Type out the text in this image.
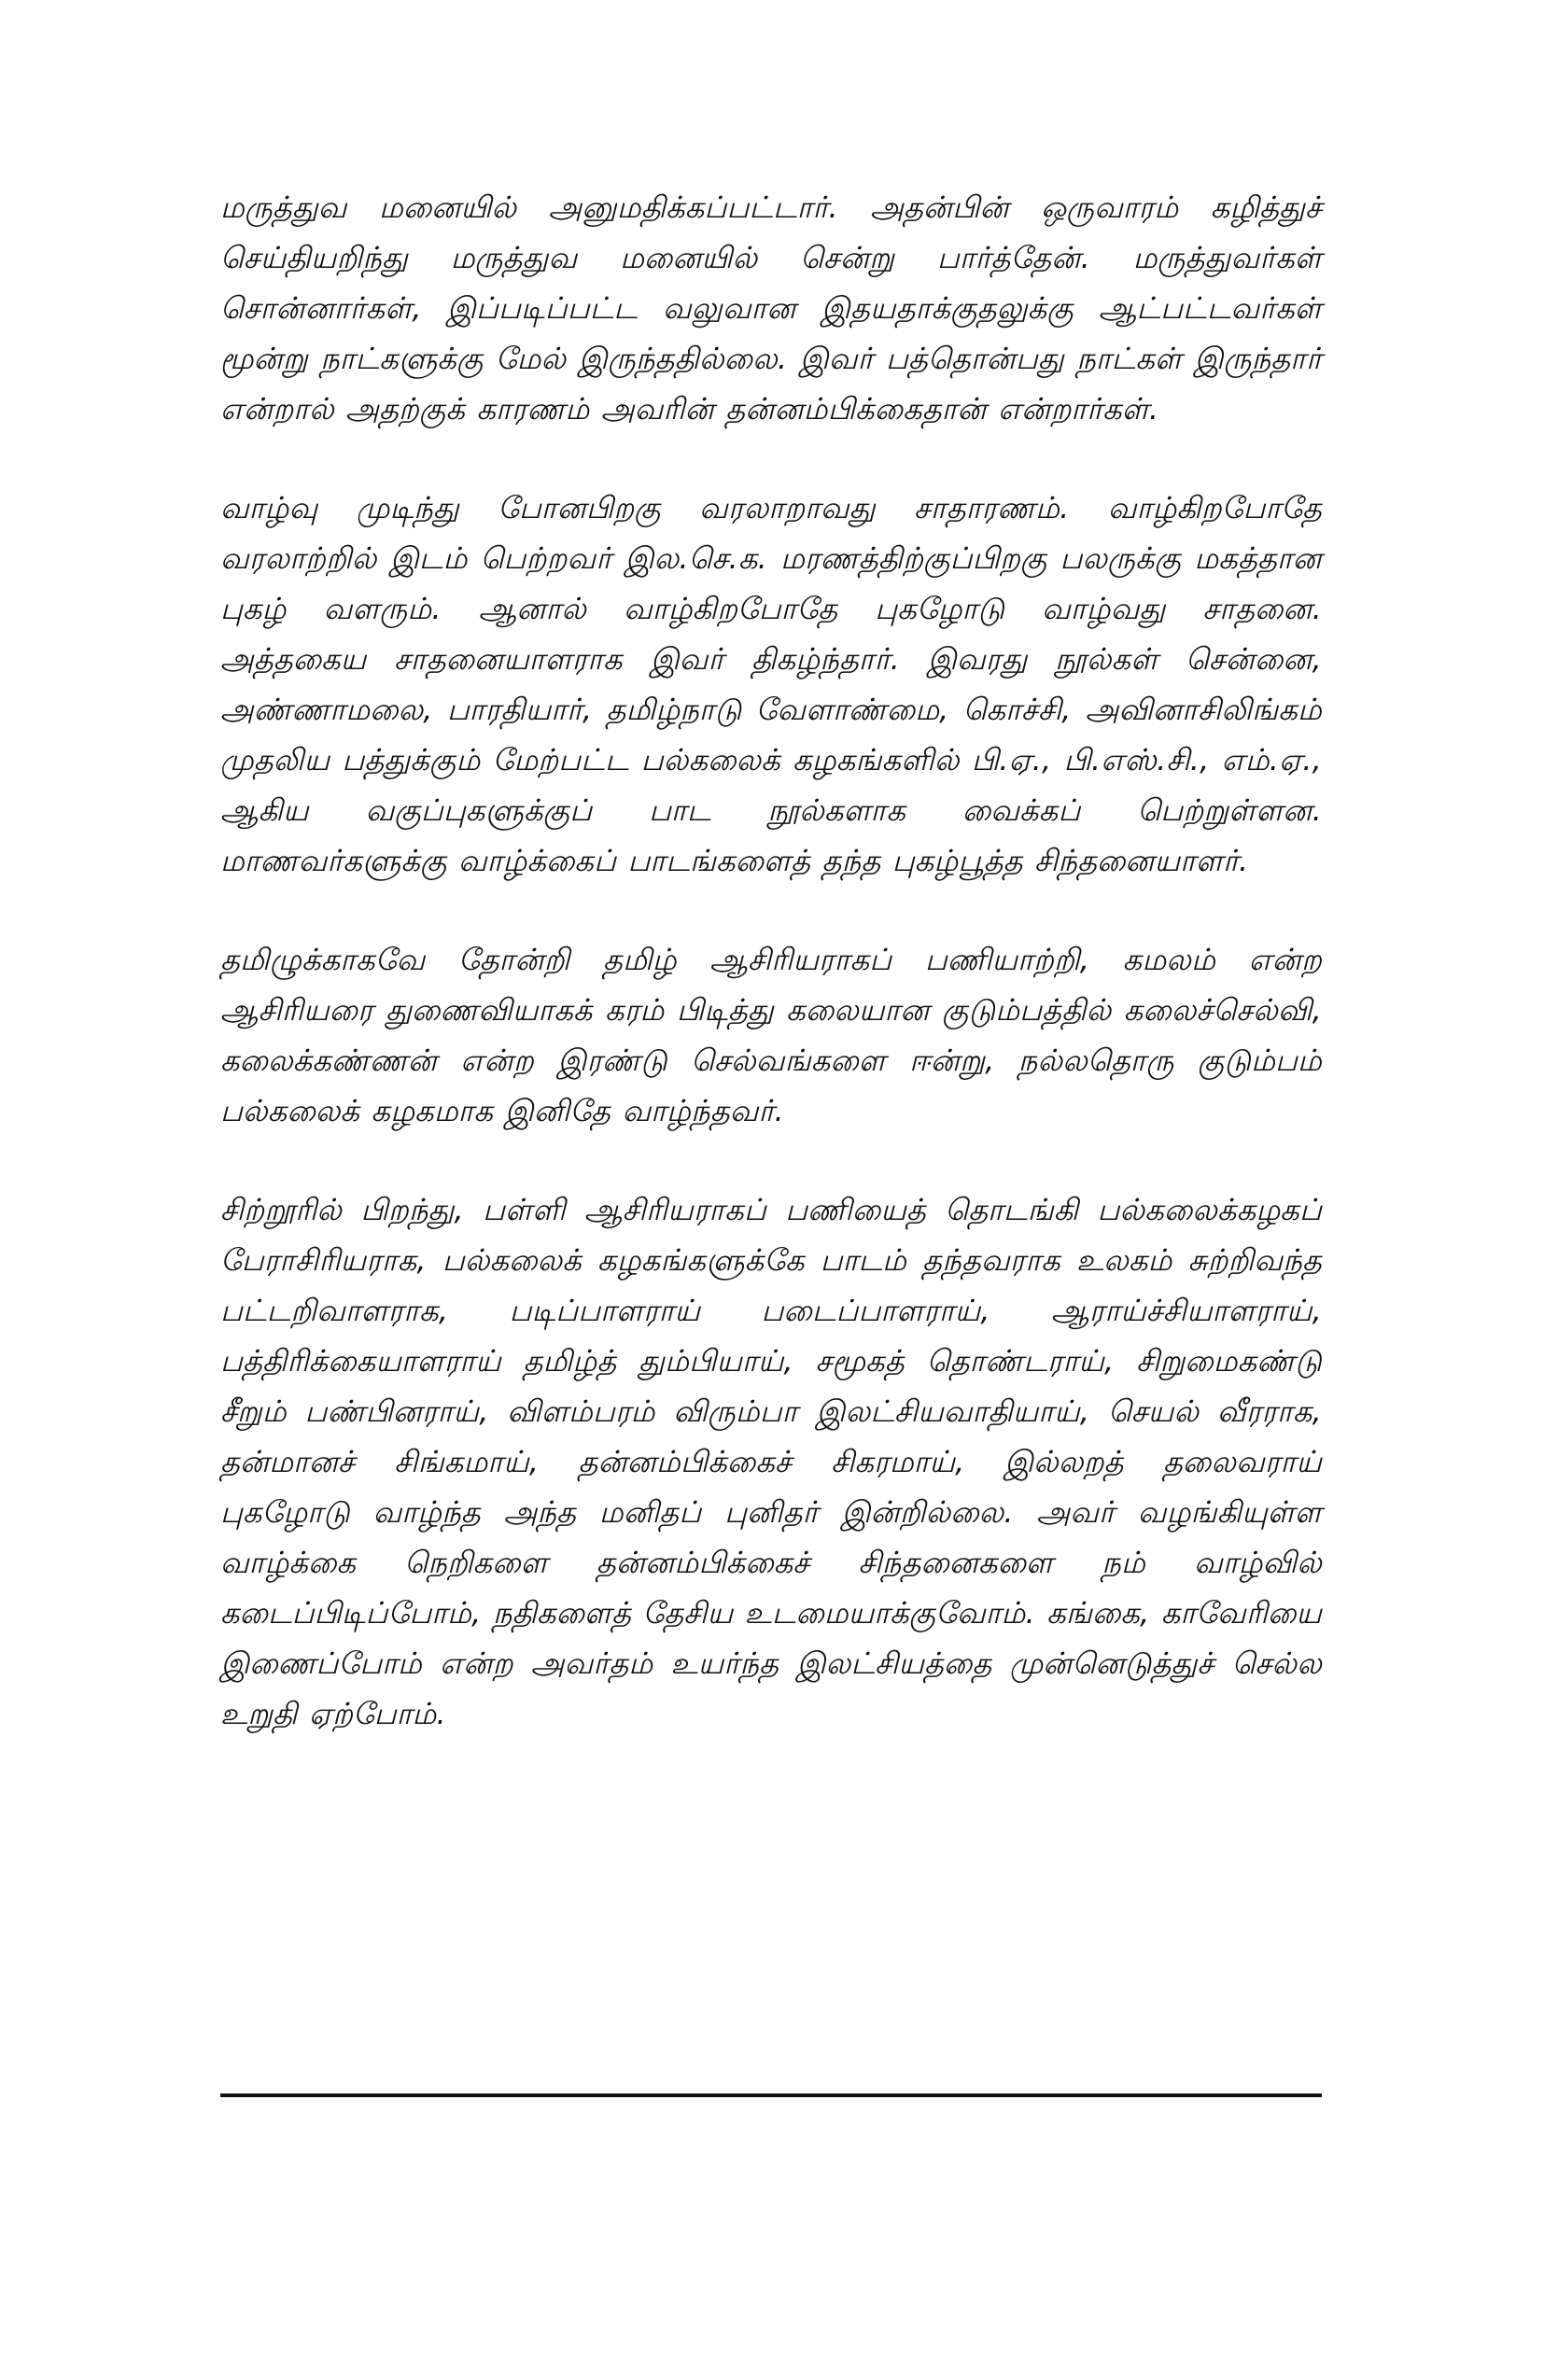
மருத்துவ மனையில் அனுமதிக்கப்பட்டார். அதன்பின் ஒருவாரம் கழித்துச் செய்தியறிந்து மருத்துவ மனையில் சென்று பார்த்தேன். மருத்துவர்கள் சொன்னார்கள், இப்படிப்பட்ட வலுவான இதயதாக்குதலுக்கு ஆட்பட்டவர்கள் மூன்று நாட்களுக்கு மேல் இருந்ததில்லை. இவர் பத்தொன்பது நாட்கள் இருந்தார் என்றால் அதற்குக் காரணம் அவரின் தன்னம்பிக்கைதான் என்றார்கள்.

வாழ்வு முடிந்து போனபிறகு வரலாறாவது சாதாரணம். வாழ்கிறபோதே வரலாற்றில் இடம் பெற்றவர் இல.செ.க. மரணத்திற்குப்பிறகு பலருக்கு மகத்தான புகழ் வளரும். ஆனால் வாழ்கிறபோதே புகழோடு வாழ்வது சாதனை. அத்தகைய சாதனையாளராக இவர் திகழ்ந்தார். இவரது நூல்கள் சென்னை, அண்ணாமலை, பாரதியார், தமிழ்நாடு வேளாண்மை, கொச்சி, அவினாசிலிங்கம் முதலிய பத்துக்கும் மேற்பட்ட பல்கலைக் கழகங்களில் பி.ஏ., பி.எஸ்.சி., எம்.ஏ., ஆகிய வகுப்புகளுக்குப் பாட நூல்களாக வைக்கப் பெற்றுள்ளன. மாணவர்களுக்கு வாழ்க்கைப் பாடங்களைத் தந்த புகழ்பூத்த சிந்தனையாளர்.

தமிழுக்காகவே தோன்றி தமிழ் ஆசிரியராகப் பணியாற்றி, கமலம் என்ற ஆசிரியரை துணைவியாகக் கரம் பிடித்து கலையான குடும்பத்தில் கலைச்செல்வி, கலைக்கண்ணன் என்ற இரண்டு செல்வங்களை ஈன்று, நல்லதொரு குடும்பம் பல்கலைக் கழகமாக இனிதே வாழ்ந்தவர்.

சிற்றூரில் பிறந்து, பள்ளி ஆசிரியராகப் பணியைத் தொடங்கி பல்கலைக்கழகப் பேராசிரியராக, பல்கலைக் கழகங்களுக்கே பாடம் தந்தவராக உலகம் சுற்றிவந்த பட்டறிவாளராக, படிப்பாளராய் படைப்பாளராய், ஆராய்ச்சியாளராய், பத்திரிக்கையாளராய் தமிழ்த் தும்பியாய், சமூகத் தொண்டராய், சிறுமைகண்டு சீறும் பண்பினராய், விளம்பரம் விரும்பா இலட்சியவாதியாய், செயல் வீரராக, தன்மானச் சிங்கமாய், தன்னம்பிக்கைச் சிகரமாய், இல்லறத் தலைவராய் புகழோடு வாழ்ந்த அந்த மனிதப் புனிதர் இன்றில்லை. அவர் வழங்கியுள்ள வாழ்க்கை நெறிகளை தன்னம்பிக்கைச் சிந்தனைகளை நம் வாழ்வில் கடைப்பிடிப்போம், நதிகளைத் தேசிய உடமையாக்குவோம். கங்கை, காவேரியை இணைப்போம் என்ற அவர்தம் உயர்ந்த இலட்சியத்தை முன்னெடுத்துச் செல்ல உறுதி ஏற்போம்.
